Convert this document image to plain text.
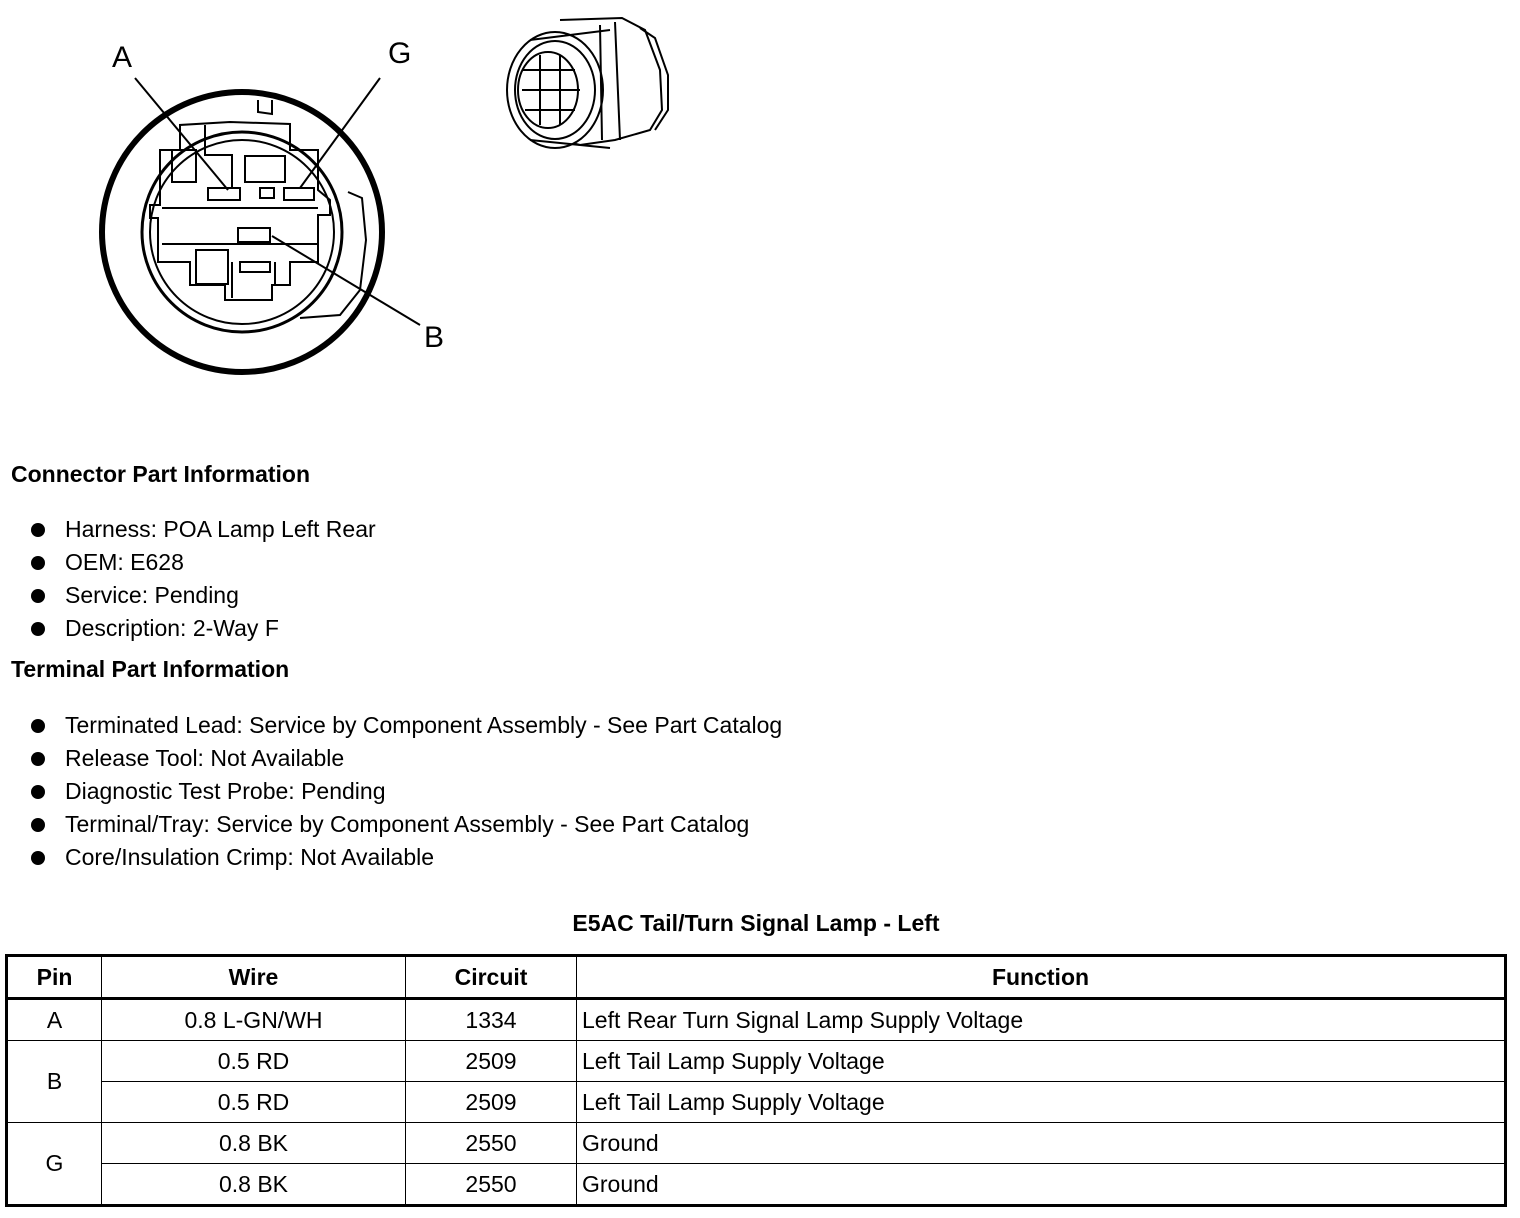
A	G
B
Connector Part Information
Harness: POA Lamp Left Rear
OEM: E628
Service: Pending
Description: 2-Way F
Terminal Part Information
Terminated Lead: Service by Component Assembly - See Part Catalog
Release Tool: Not Available
Diagnostic Test Probe: Pending
Terminal/Tray: Service by Component Assembly - See Part Catalog
Core/Insulation Crimp: Not Available
E5AC Tail/Turn Signal Lamp - Left
Pin	Wire	Circuit	Function
A	0.8 L-GN/WH	1334	Left Rear Turn Signal Lamp Supply Voltage
B	0.5 RD	2509	Left Tail Lamp Supply Voltage
	0.5 RD	2509	Left Tail Lamp Supply Voltage
G	0.8 BK	2550	Ground
	0.8 BK	2550	Ground
